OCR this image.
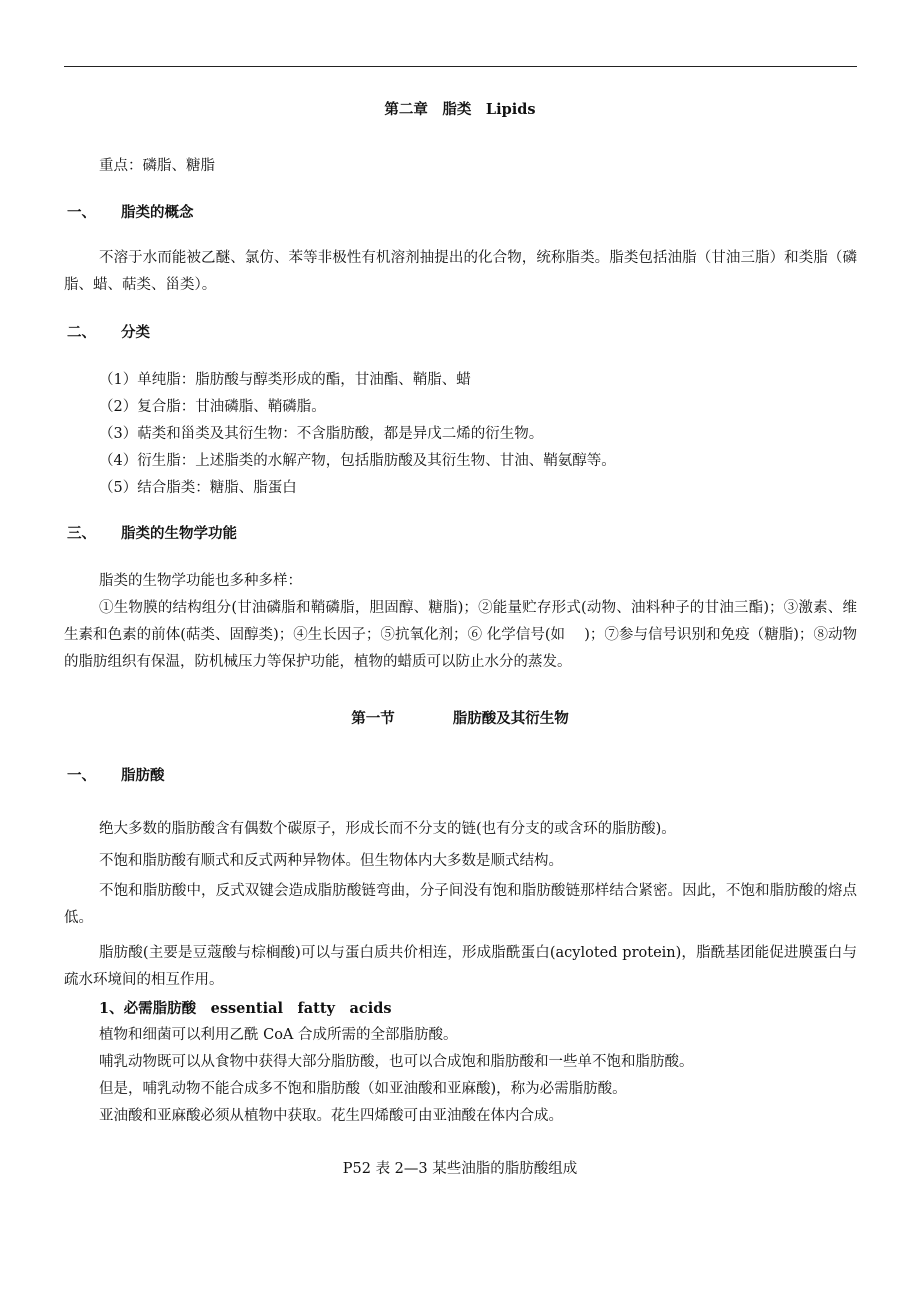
第二章　脂类　Lipids
重点：磷脂、糖脂
一、 脂类的概念
不溶于水而能被乙醚、氯仿、苯等非极性有机溶剂抽提出的化合物，统称脂类。脂类包括油脂（甘油三脂）和类脂（磷脂、蜡、萜类、甾类）。
二、 分类
（1）单纯脂：脂肪酸与醇类形成的酯，甘油酯、鞘脂、蜡
（2）复合脂：甘油磷脂、鞘磷脂。
（3）萜类和甾类及其衍生物：不含脂肪酸，都是异戊二烯的衍生物。
（4）衍生脂：上述脂类的水解产物，包括脂肪酸及其衍生物、甘油、鞘氨醇等。
（5）结合脂类：糖脂、脂蛋白
三、 脂类的生物学功能
脂类的生物学功能也多种多样：
①生物膜的结构组分(甘油磷脂和鞘磷脂，胆固醇、糖脂)；②能量贮存形式(动物、油料种子的甘油三酯)；③激素、维生素和色素的前体(萜类、固醇类)；④生长因子；⑤抗氧化剂；⑥ 化学信号(如　 )；⑦参与信号识别和免疫（糖脂)；⑧动物的脂肪组织有保温，防机械压力等保护功能，植物的蜡质可以防止水分的蒸发。
第一节　　　　脂肪酸及其衍生物
一、 脂肪酸
绝大多数的脂肪酸含有偶数个碳原子，形成长而不分支的链(也有分支的或含环的脂肪酸)。
不饱和脂肪酸有顺式和反式两种异物体。但生物体内大多数是顺式结构。
不饱和脂肪酸中，反式双键会造成脂肪酸链弯曲，分子间没有饱和脂肪酸链那样结合紧密。因此，不饱和脂肪酸的熔点低。
脂肪酸(主要是豆蔻酸与棕榈酸)可以与蛋白质共价相连，形成脂酰蛋白(acyloted protein)，脂酰基团能促进膜蛋白与疏水环境间的相互作用。
1、必需脂肪酸　essential　fatty　acids
植物和细菌可以利用乙酰 CoA 合成所需的全部脂肪酸。
哺乳动物既可以从食物中获得大部分脂肪酸，也可以合成饱和脂肪酸和一些单不饱和脂肪酸。
但是，哺乳动物不能合成多不饱和脂肪酸（如亚油酸和亚麻酸)，称为必需脂肪酸。
亚油酸和亚麻酸必须从植物中获取。花生四烯酸可由亚油酸在体内合成。
P52 表 2—3 某些油脂的脂肪酸组成
